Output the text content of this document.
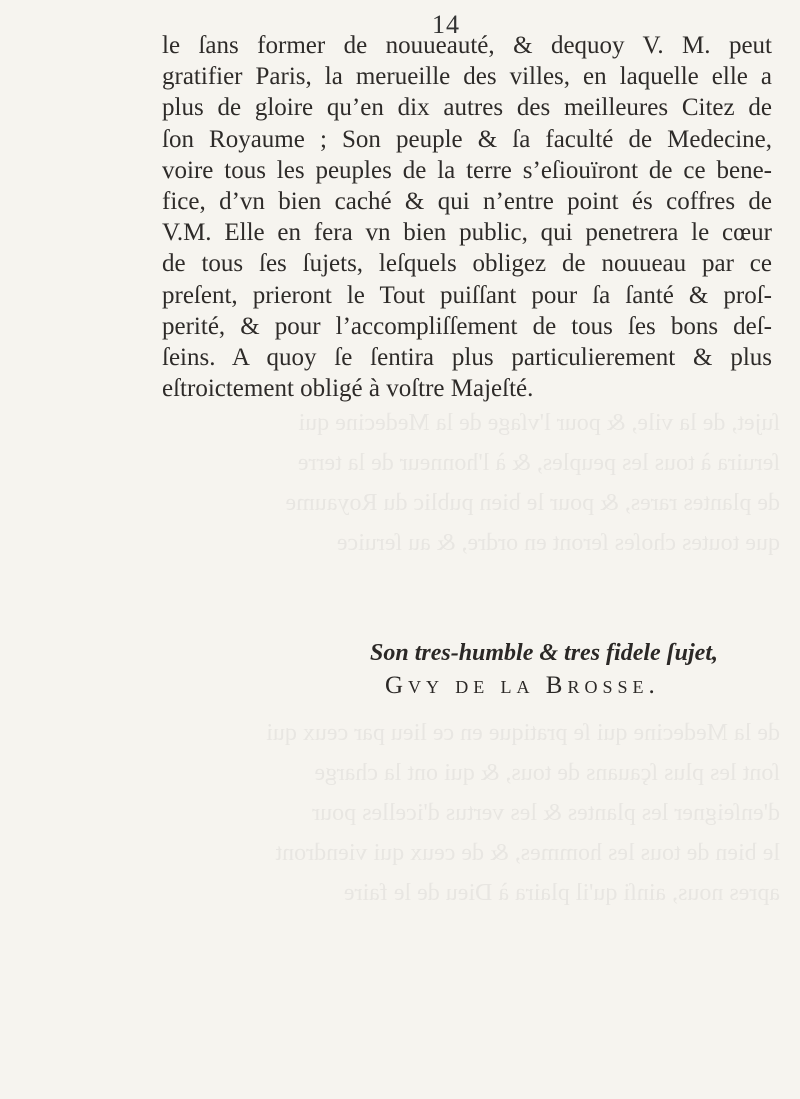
ſujet, de la vile, & pour l'vſage de la Medecine qui
ſeruira à tous les peuples, & à l'honneur de la terre
de plantes rares, & pour le bien public du Royaume
que toutes choſes ſeront en ordre, & au ſeruice
de la Medecine qui ſe pratique en ce lieu par ceux qui
ſont les plus ſçauans de tous, & qui ont la charge
d'enſeigner les plantes & les vertus d'icelles pour
le bien de tous les hommes, & de ceux qui viendront
apres nous, ainſi qu'il plaira à Dieu de le faire
14
le ſans former de nouueauté, & dequoy V. M. peut
gratifier Paris, la merueille des villes, en laquelle elle a
plus de gloire qu’en dix autres des meilleures Citez de
ſon Royaume ; Son peuple & ſa faculté de Medecine,
voire tous les peuples de la terre s’eſiouïront de ce bene-
fice, d’vn bien caché & qui n’entre point és coffres de
V.M. Elle en fera vn bien public, qui penetrera le cœur
de tous ſes ſujets, leſquels obligez de nouueau par ce
preſent, prieront le Tout puiſſant pour ſa ſanté & proſ-
perité, & pour l’accompliſſement de tous ſes bons deſ-
ſeins. A quoy ſe ſentira plus particulierement & plus
eſtroictement obligé à voſtre Majeſté.
Son tres-humble & tres fidele ſujet,
Gvy de la Brosse.
